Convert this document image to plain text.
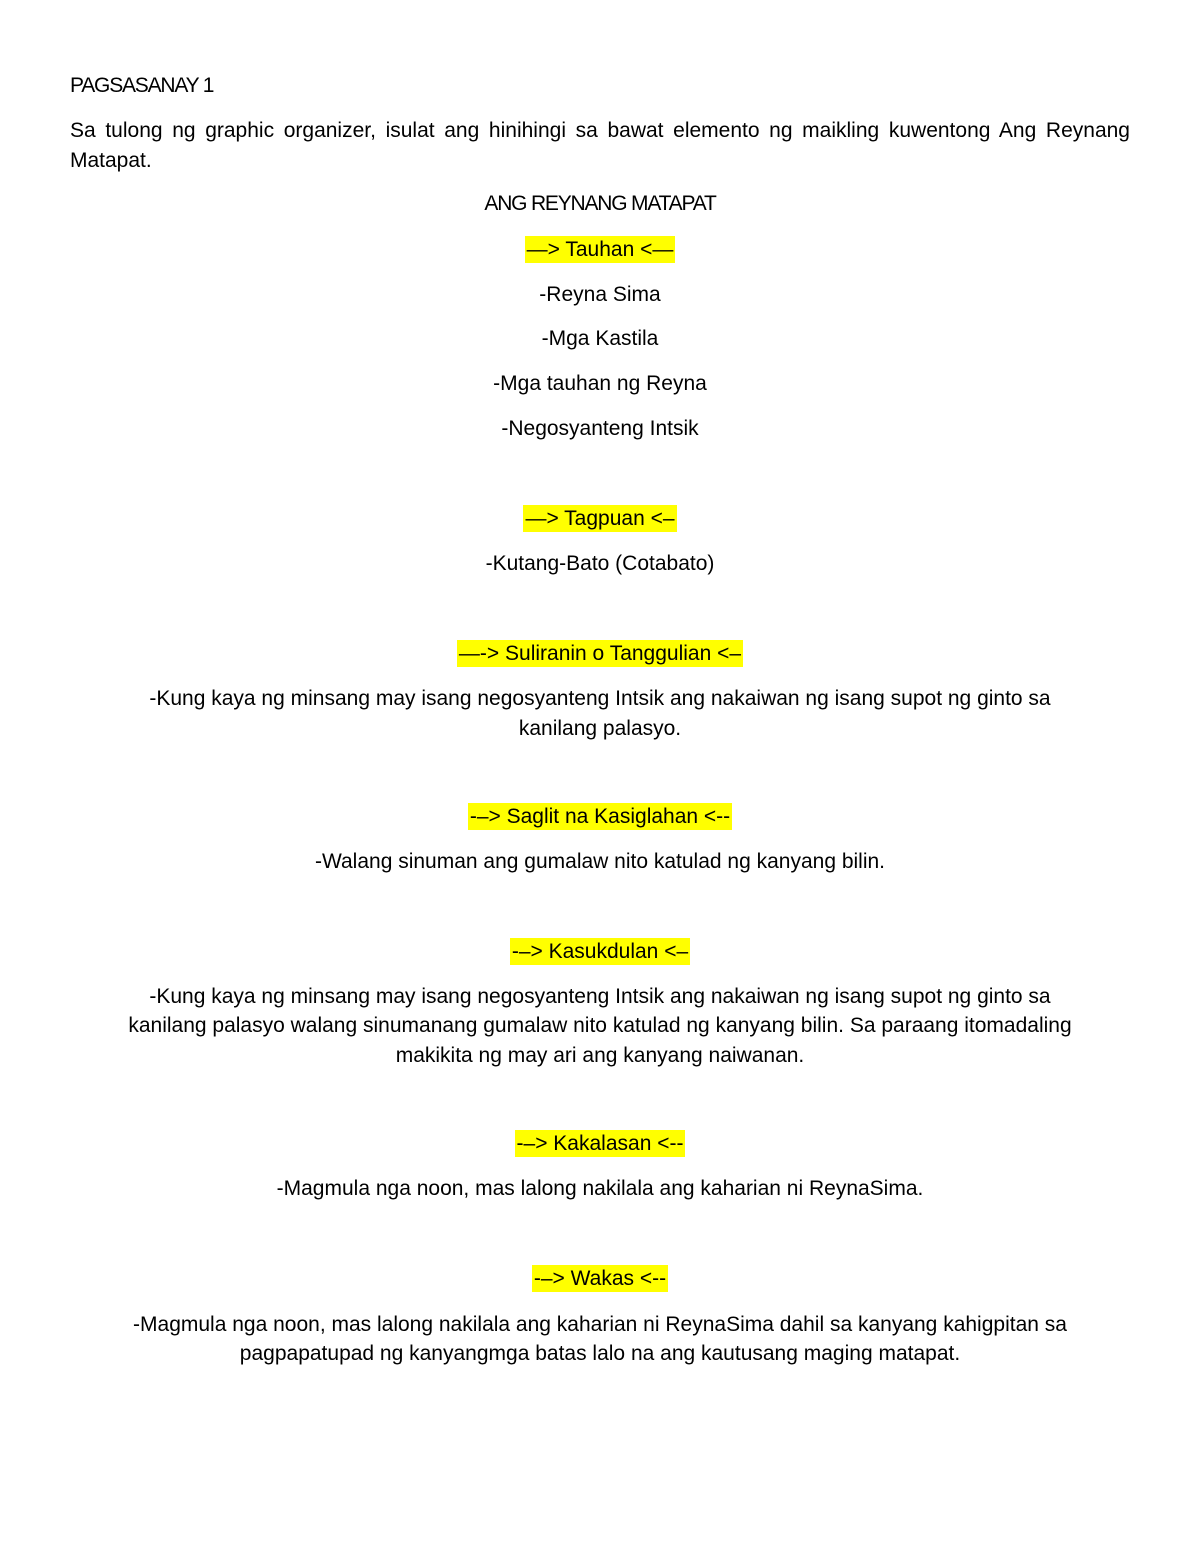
PAGSASANAY 1
Sa tulong ng graphic organizer, isulat ang hinihingi sa bawat elemento ng maikling kuwentong Ang Reynang Matapat.
ANG REYNANG MATAPAT
—> Tauhan <—
-Reyna Sima
-Mga Kastila
-Mga tauhan ng Reyna
-Negosyanteng Intsik
—> Tagpuan <–
-Kutang-Bato (Cotabato)
—-> Suliranin o Tanggulian <–
-Kung kaya ng minsang may isang negosyanteng Intsik ang nakaiwan ng isang supot ng ginto sa
kanilang palasyo.
-–> Saglit na Kasiglahan <--
-Walang sinuman ang gumalaw nito katulad ng kanyang bilin.
-–> Kasukdulan <–
-Kung kaya ng minsang may isang negosyanteng Intsik ang nakaiwan ng isang supot ng ginto sa
kanilang palasyo walang sinumanang gumalaw nito katulad ng kanyang bilin. Sa paraang itomadaling
makikita ng may ari ang kanyang naiwanan.
-–> Kakalasan <--
-Magmula nga noon, mas lalong nakilala ang kaharian ni ReynaSima.
-–> Wakas <--
-Magmula nga noon, mas lalong nakilala ang kaharian ni ReynaSima dahil sa kanyang kahigpitan sa
pagpapatupad ng kanyangmga batas lalo na ang kautusang maging matapat.
